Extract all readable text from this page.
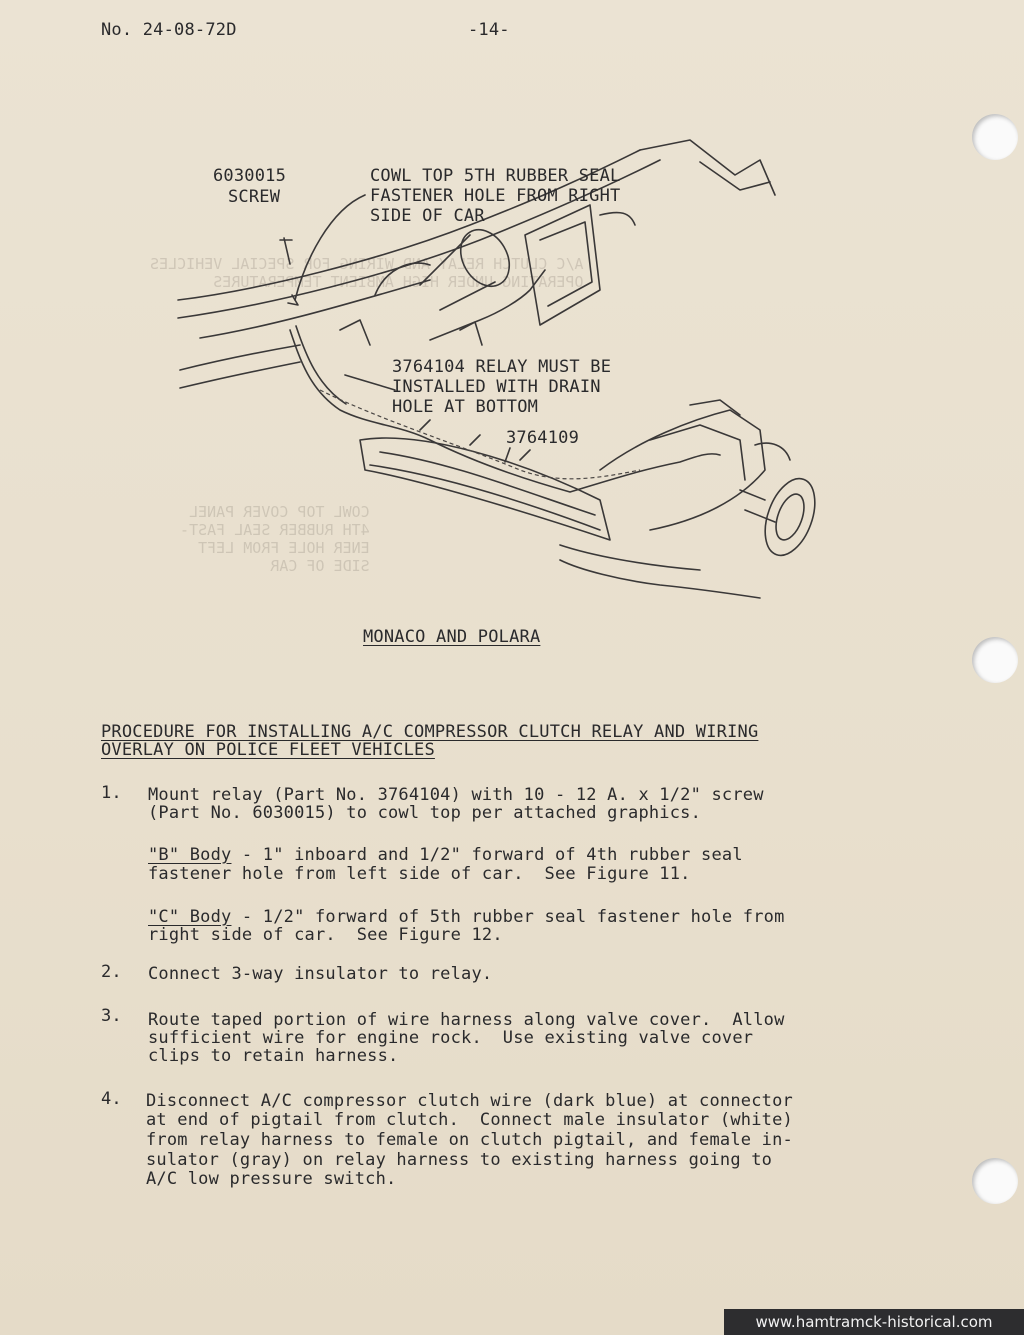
A/C CLUTCH RELAY AND WIRING FOR SPECIAL VEHICLES
OPERATING UNDER HIGH AMBIENT TEMPERATURES
COWL TOP COVER PANEL
4TH RUBBER SEAL FAST-
ENER HOLE FROM LEFT
SIDE OF CAR
No. 24-08-72D	-14-
6030015
SCREW
COWL TOP 5TH RUBBER SEAL
FASTENER HOLE FROM RIGHT
SIDE OF CAR
3764104 RELAY MUST BE
INSTALLED WITH DRAIN
HOLE AT BOTTOM
3764109
MONACO AND POLARA
PROCEDURE FOR INSTALLING A/C COMPRESSOR CLUTCH RELAY AND WIRING
OVERLAY ON POLICE FLEET VEHICLES
1. Mount relay (Part No. 3764104) with 10 - 12 A. x 1/2" screw
(Part No. 6030015) to cowl top per attached graphics.
"B" Body - 1" inboard and 1/2" forward of 4th rubber seal
fastener hole from left side of car.  See Figure 11.
"C" Body - 1/2" forward of 5th rubber seal fastener hole from
right side of car.  See Figure 12.
2. Connect 3-way insulator to relay.
3. Route taped portion of wire harness along valve cover.  Allow
sufficient wire for engine rock.  Use existing valve cover
clips to retain harness.
4. Disconnect A/C compressor clutch wire (dark blue) at connector
at end of pigtail from clutch.  Connect male insulator (white)
from relay harness to female on clutch pigtail, and female in-
sulator (gray) on relay harness to existing harness going to
A/C low pressure switch.
www.hamtramck-historical.com
